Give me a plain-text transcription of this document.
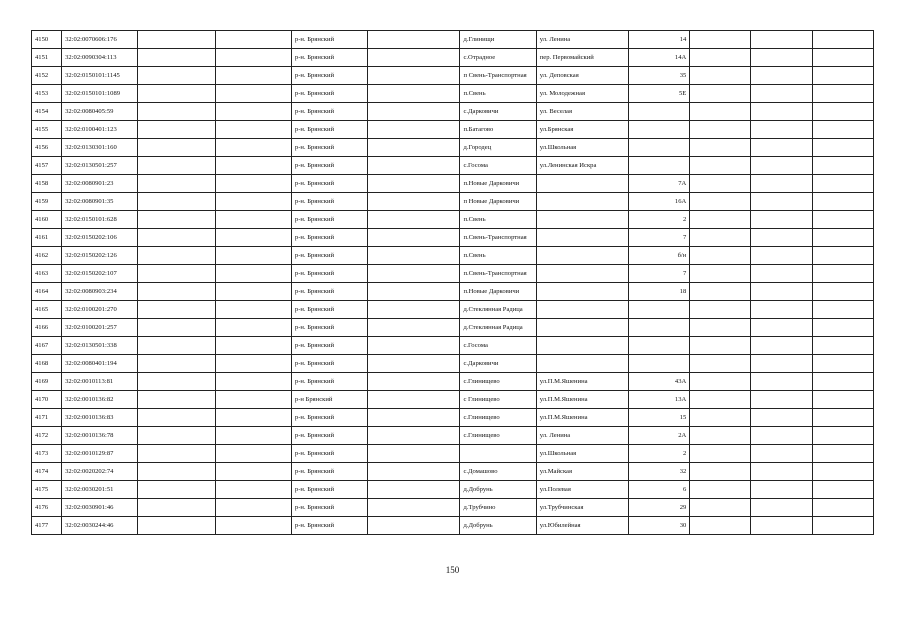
4150	32:02:0070606:176			р-н. Брянский		д.Глинищи	ул. Ленина	14			
4151	32:02:0090304:113			р-н. Брянский		с.Отрадное	пер. Первомайский	14А			
4152	32:02:0150101:1145			р-н. Брянский		п Свень-Транспортная	ул. Деповская	35			
4153	32:02:0150101:1089			р-н. Брянский		п.Свень	ул. Молодежная	5Е			
4154	32:02:0080405:59			р-н. Брянский		с.Дарковичи	ул. Веселая				
4155	32:02:0100401:123			р-н. Брянский		п.Батагово	ул.Брянская				
4156	32:02:0130301:160			р-н. Брянский		д.Городец	ул.Школьная				
4157	32:02:0130501:257			р-н. Брянский		с.Госома	ул.Ленинская Искра				
4158	32:02:0080901:23			р-н. Брянский		п.Новые Дарковичи		7А			
4159	32:02:0080901:35			р-н. Брянский		п Новые Дарковичи		16А			
4160	32:02:0150101:628			р-н. Брянский		п.Свень		2			
4161	32:02:0150202:106			р-н. Брянский		п.Свень-Транспортная		7			
4162	32:02:0150202:126			р-н. Брянский		п.Свень		б/н			
4163	32:02:0150202:107			р-н. Брянский		п.Свень-Транспортная		7			
4164	32:02:0080903:234			р-н. Брянский		п.Новые Дарковичи		18			
4165	32:02:0100201:270			р-н. Брянский		д.Стеклянная Радица					
4166	32:02:0100201:257			р-н. Брянский		д.Стеклянная Радица					
4167	32:02:0130501:338			р-н. Брянский		с.Госома					
4168	32:02:0080401:194			р-н. Брянский		с.Дарковичи					
4169	32:02:0010113:81			р-н. Брянский		с.Глинищево	ул.П.М.Яшенина	43А			
4170	32:02:0010136:82			р-н Брянский		с Глинищево	ул.П.М.Яшенина	13А			
4171	32:02:0010136:83			р-н. Брянский		с.Глинищево	ул.П.М.Яшенина	15			
4172	32:02:0010136:78			р-н. Брянский		с.Глинищево	ул. Ленина	2А			
4173	32:02:0010129:87			р-н. Брянский			ул.Школьная	2			
4174	32:02:0020202:74			р-н. Брянский		с.Домашово	ул.Майская	32			
4175	32:02:0030201:51			р-н. Брянский		д.Добрунь	ул.Полевая	6			
4176	32:02:0030901:46			р-н. Брянский		д.Трубчино	ул.Трубчинская	29			
4177	32:02:0030244:46			р-н. Брянский		д.Добрунь	ул.Юбилейная	30			
150
